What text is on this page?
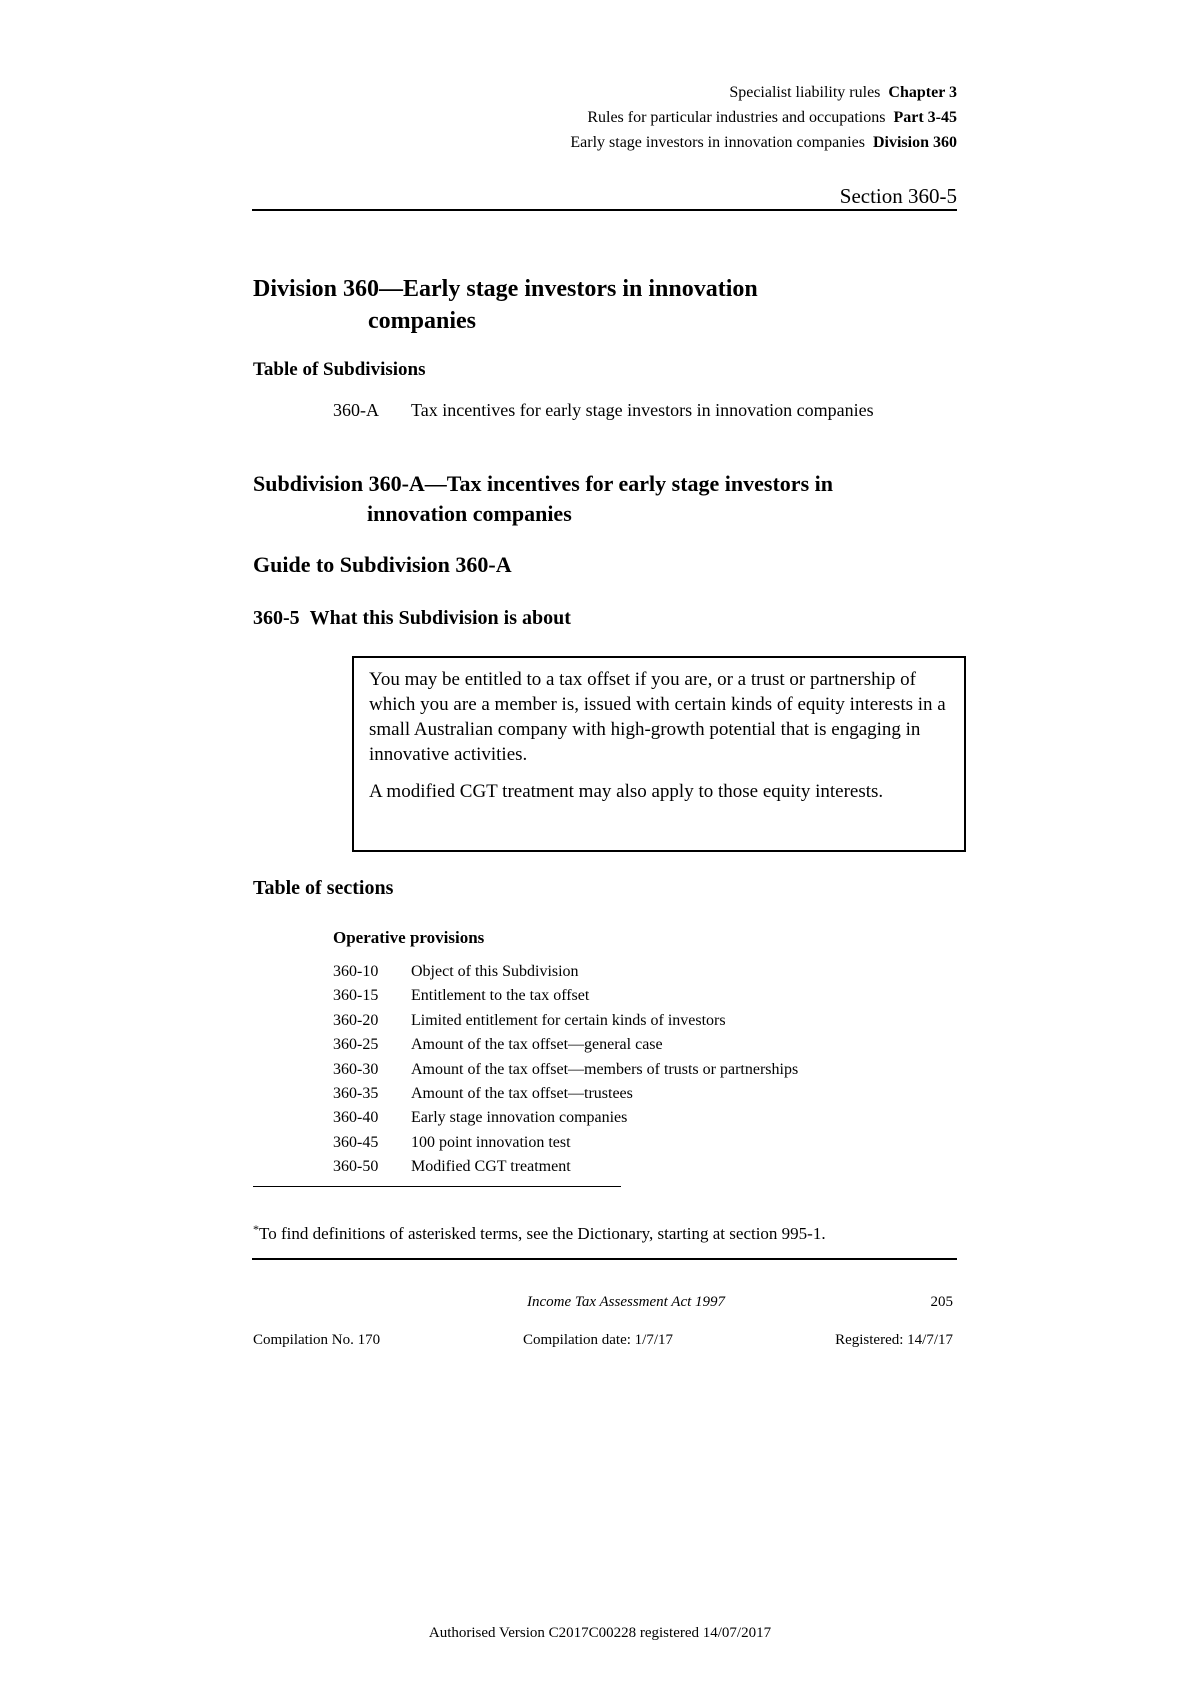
Specialist liability rules Chapter 3
Rules for particular industries and occupations Part 3-45
Early stage investors in innovation companies Division 360
Section 360-5
Division 360—Early stage investors in innovation
companies
Table of Subdivisions
360-A	Tax incentives for early stage investors in innovation companies
Subdivision 360-A—Tax incentives for early stage investors in
innovation companies
Guide to Subdivision 360-A
360-5 What this Subdivision is about

You may be entitled to a tax offset if you are, or a trust or partnership of which you are a member is, issued with certain kinds of equity interests in a small Australian company with high-growth potential that is engaging in innovative activities.

A modified CGT treatment may also apply to those equity interests.

Table of sections
Operative provisions
360-10	Object of this Subdivision
360-15	Entitlement to the tax offset
360-20	Limited entitlement for certain kinds of investors
360-25	Amount of the tax offset—general case
360-30	Amount of the tax offset—members of trusts or partnerships
360-35	Amount of the tax offset—trustees
360-40	Early stage innovation companies
360-45	100 point innovation test
360-50	Modified CGT treatment
*To find definitions of asterisked terms, see the Dictionary, starting at section 995-1.
Income Tax Assessment Act 1997	205
Compilation No. 170	Compilation date: 1/7/17	Registered: 14/7/17
Authorised Version C2017C00228 registered 14/07/2017
